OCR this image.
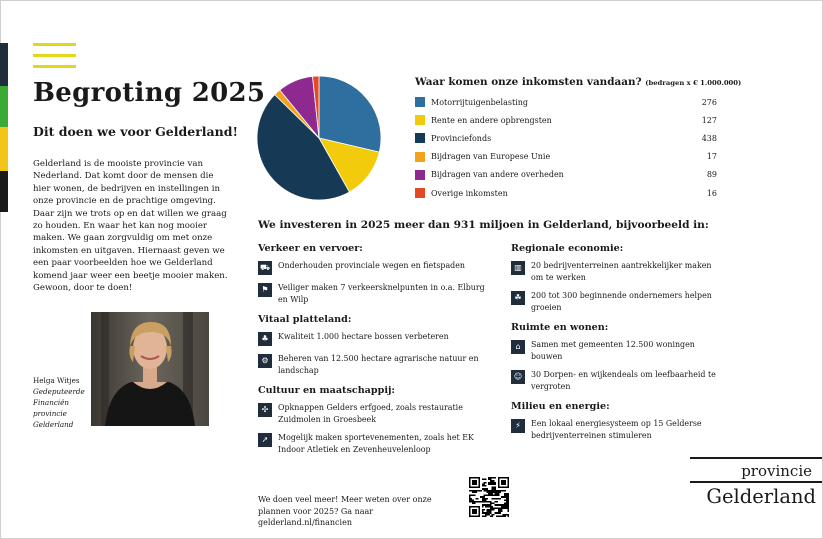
Begroting 2025
Dit doen we voor Gelderland!

Gelderland is de mooiste provincie van Nederland. Dat komt door de mensen die hier wonen, de bedrijven en instellingen in onze provincie en de prachtige omgeving. Daar zijn we trots op en dat willen we graag zo houden. En waar het kan nog mooier maken. We gaan zorgvuldig om met onze inkomsten en uitgaven. Hiernaast geven we een paar voorbeelden hoe we Gelderland komend jaar weer een beetje mooier maken. Gewoon, door te doen!

Helga Witjes
Gedeputeerde Financiën provincie Gelderland
Waar komen onze inkomsten vandaan? (bedragen x € 1.000.000)
Motorrijtuigenbelasting	276
Rente en andere opbrengsten	127
Provinciefonds	438
Bijdragen van Europese Unie	17
Bijdragen van andere overheden	89
Overige inkomsten	16
We investeren in 2025 meer dan 931 miljoen in Gelderland, bijvoorbeeld in:
Verkeer en vervoer:
⛟ Onderhouden provinciale wegen en fietspaden
⚑	Veiliger maken 7 verkeersknelpunten in o.a. Elburg en Wilp
Vitaal platteland:
♣	Kwaliteit 1.000 hectare bossen verbeteren
⚙	Beheren van 12.500 hectare agrarische natuur en landschap
Cultuur en maatschappij:
✣	Opknappen Gelders erfgoed, zoals restauratie Zuidmolen in Groesbeek
➚	Mogelijk maken sportevenementen, zoals het EK Indoor Atletiek en Zevenheuvelenloop
Regionale economie:
▥	20 bedrijventerreinen aantrekkelijker maken om te werken
☘	200 tot 300 beginnende ondernemers helpen groeien
Ruimte en wonen:
⌂	Samen met gemeenten 12.500 woningen bouwen
☺	30 Dorpen- en wijkendeals om leefbaarheid te vergroten
Milieu en energie:
⚡	Een lokaal energiesysteem op 15 Gelderse bedrijventerreinen stimuleren

We doen veel meer! Meer weten over onze plannen voor 2025? Ga naar gelderland.nl/financien

provincie
Gelderland
